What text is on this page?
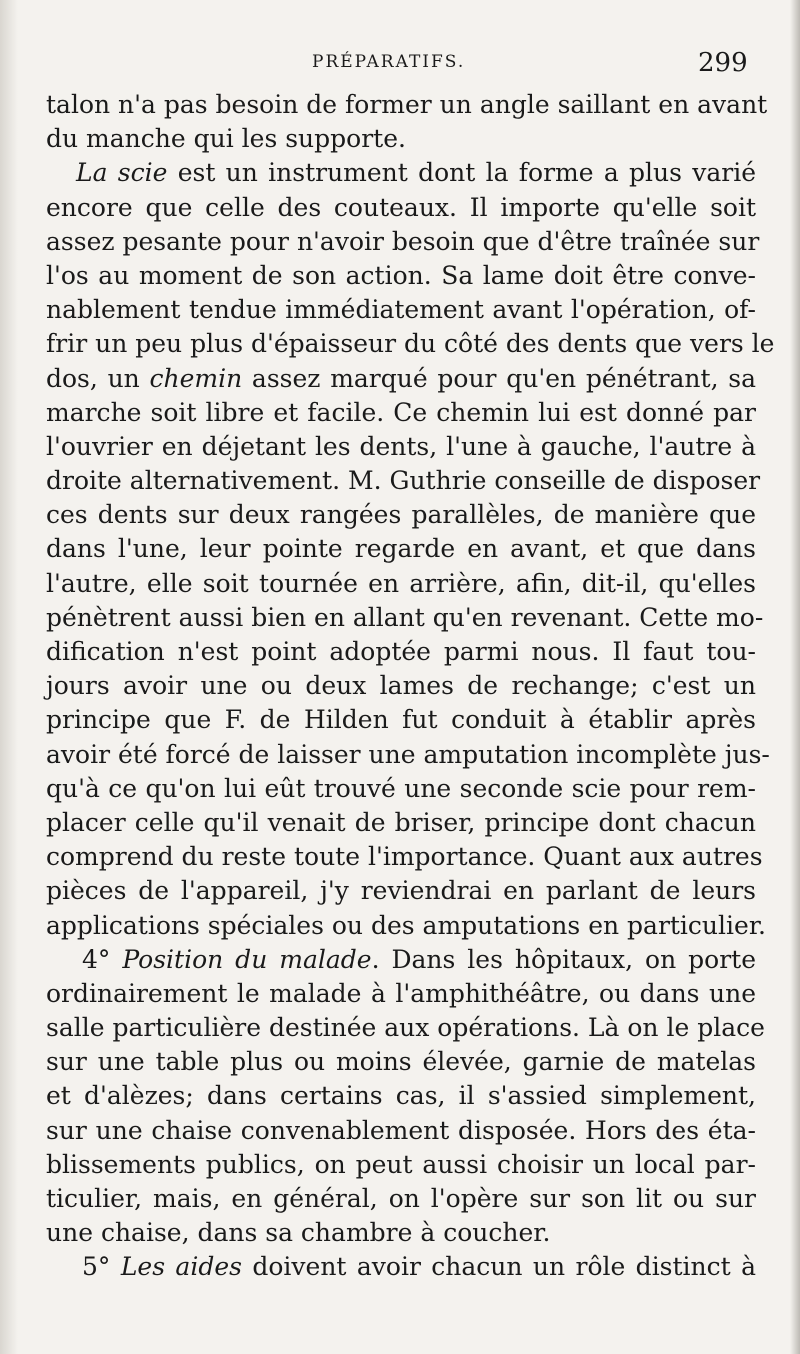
PRÉPARATIFS.	299
talon n'a pas besoin de former un angle saillant en avant
du manche qui les supporte.
La scie est un instrument dont la forme a plus varié
encore que celle des couteaux. Il importe qu'elle soit
assez pesante pour n'avoir besoin que d'être traînée sur
l'os au moment de son action. Sa lame doit être conve-
nablement tendue immédiatement avant l'opération, of-
frir un peu plus d'épaisseur du côté des dents que vers le
dos, un chemin assez marqué pour qu'en pénétrant, sa
marche soit libre et facile. Ce chemin lui est donné par
l'ouvrier en déjetant les dents, l'une à gauche, l'autre à
droite alternativement. M. Guthrie conseille de disposer
ces dents sur deux rangées parallèles, de manière que
dans l'une, leur pointe regarde en avant, et que dans
l'autre, elle soit tournée en arrière, afin, dit-il, qu'elles
pénètrent aussi bien en allant qu'en revenant. Cette mo-
dification n'est point adoptée parmi nous. Il faut tou-
jours avoir une ou deux lames de rechange; c'est un
principe que F. de Hilden fut conduit à établir après
avoir été forcé de laisser une amputation incomplète jus-
qu'à ce qu'on lui eût trouvé une seconde scie pour rem-
placer celle qu'il venait de briser, principe dont chacun
comprend du reste toute l'importance. Quant aux autres
pièces de l'appareil, j'y reviendrai en parlant de leurs
applications spéciales ou des amputations en particulier.
4° Position du malade. Dans les hôpitaux, on porte
ordinairement le malade à l'amphithéâtre, ou dans une
salle particulière destinée aux opérations. Là on le place
sur une table plus ou moins élevée, garnie de matelas
et d'alèzes; dans certains cas, il s'assied simplement,
sur une chaise convenablement disposée. Hors des éta-
blissements publics, on peut aussi choisir un local par-
ticulier, mais, en général, on l'opère sur son lit ou sur
une chaise, dans sa chambre à coucher.
5° Les aides doivent avoir chacun un rôle distinct à
